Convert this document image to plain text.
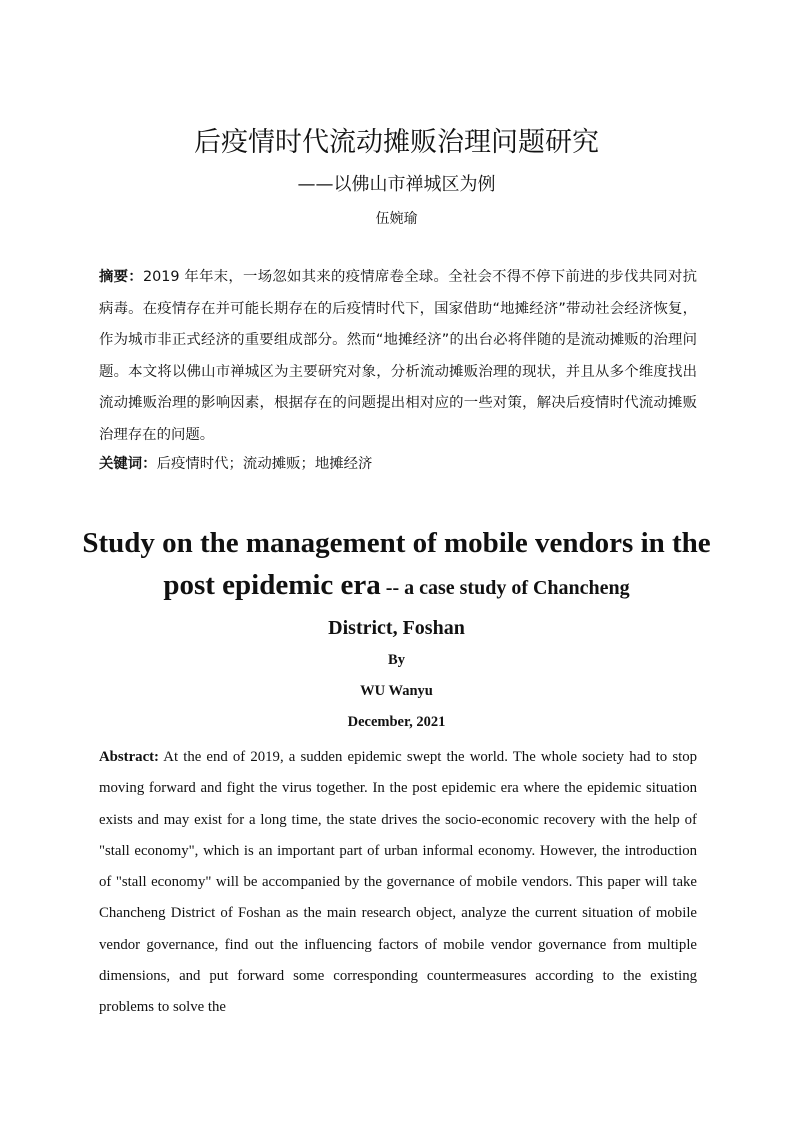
后疫情时代流动摊贩治理问题研究

——以佛山市禅城区为例

伍婉瑜

摘要：2019 年年末，一场忽如其来的疫情席卷全球。全社会不得不停下前进的步伐共同对抗病毒。在疫情存在并可能长期存在的后疫情时代下，国家借助“地摊经济”带动社会经济恢复，作为城市非正式经济的重要组成部分。然而“地摊经济”的出台必将伴随的是流动摊贩的治理问题。本文将以佛山市禅城区为主要研究对象，分析流动摊贩治理的现状，并且从多个维度找出流动摊贩治理的影响因素，根据存在的问题提出相对应的一些对策，解决后疫情时代流动摊贩治理存在的问题。

关键词：后疫情时代；流动摊贩；地摊经济

Study on the management of mobile vendors in the post epidemic era -- a case study of Chancheng
District, Foshan

By

WU Wanyu

December, 2021

Abstract: At the end of 2019, a sudden epidemic swept the world. The whole society had to stop moving forward and fight the virus together. In the post epidemic era where the epidemic situation exists and may exist for a long time, the state drives the socio-economic recovery with the help of "stall economy", which is an important part of urban informal economy. However, the introduction of "stall economy" will be accompanied by the governance of mobile vendors. This paper will take Chancheng District of Foshan as the main research object, analyze the current situation of mobile vendor governance, find out the influencing factors of mobile vendor governance from multiple dimensions, and put forward some corresponding countermeasures according to the existing problems to solve the
